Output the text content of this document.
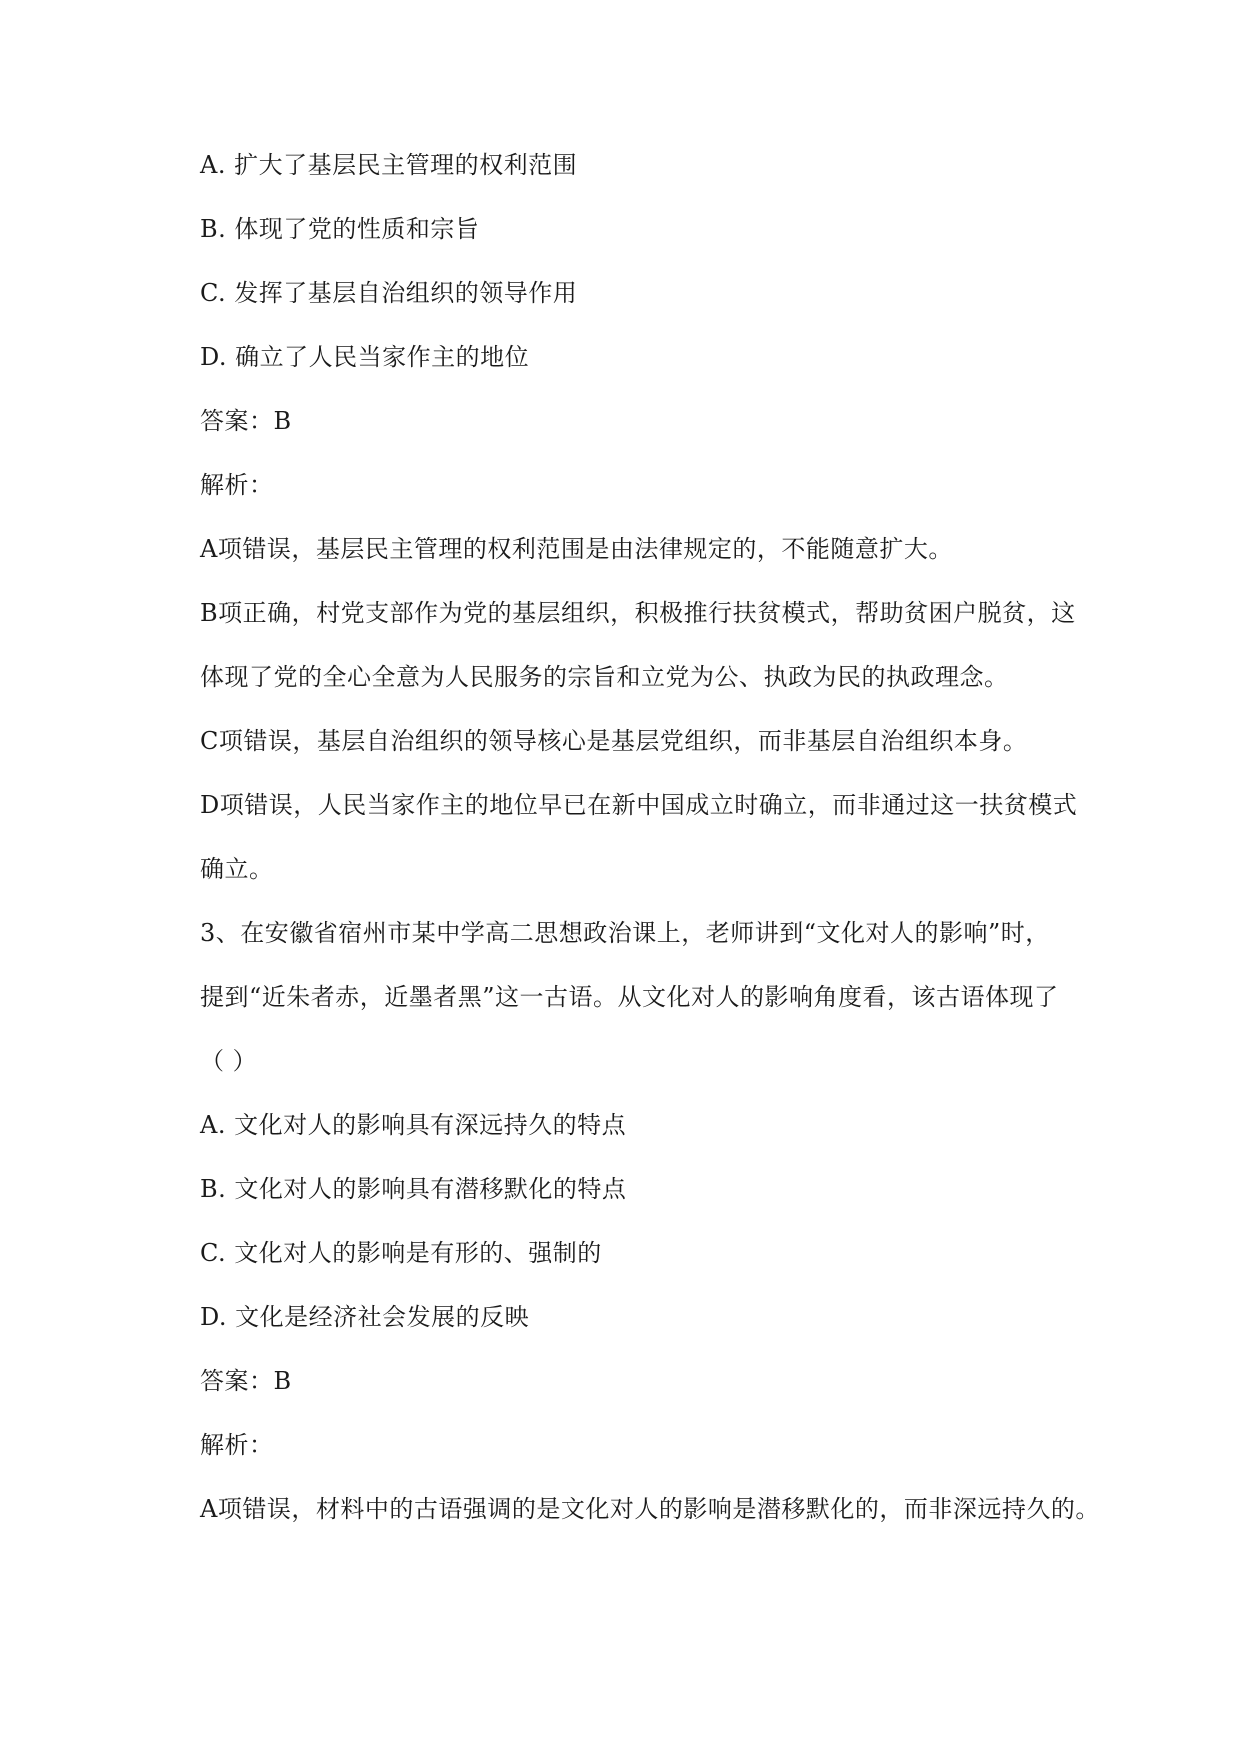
A. 扩大了基层民主管理的权利范围
B. 体现了党的性质和宗旨
C. 发挥了基层自治组织的领导作用
D. 确立了人民当家作主的地位
答案：B
解析：
A项错误，基层民主管理的权利范围是由法律规定的，不能随意扩大。
B项正确，村党支部作为党的基层组织，积极推行扶贫模式，帮助贫困户脱贫，这
体现了党的全心全意为人民服务的宗旨和立党为公、执政为民的执政理念。
C项错误，基层自治组织的领导核心是基层党组织，而非基层自治组织本身。
D项错误，人民当家作主的地位早已在新中国成立时确立，而非通过这一扶贫模式
确立。
3、在安徽省宿州市某中学高二思想政治课上，老师讲到“文化对人的影响”时，
提到“近朱者赤，近墨者黑”这一古语。从文化对人的影响角度看，该古语体现了
（ ）
A. 文化对人的影响具有深远持久的特点
B. 文化对人的影响具有潜移默化的特点
C. 文化对人的影响是有形的、强制的
D. 文化是经济社会发展的反映
答案：B
解析：
A项错误，材料中的古语强调的是文化对人的影响是潜移默化的，而非深远持久的。
